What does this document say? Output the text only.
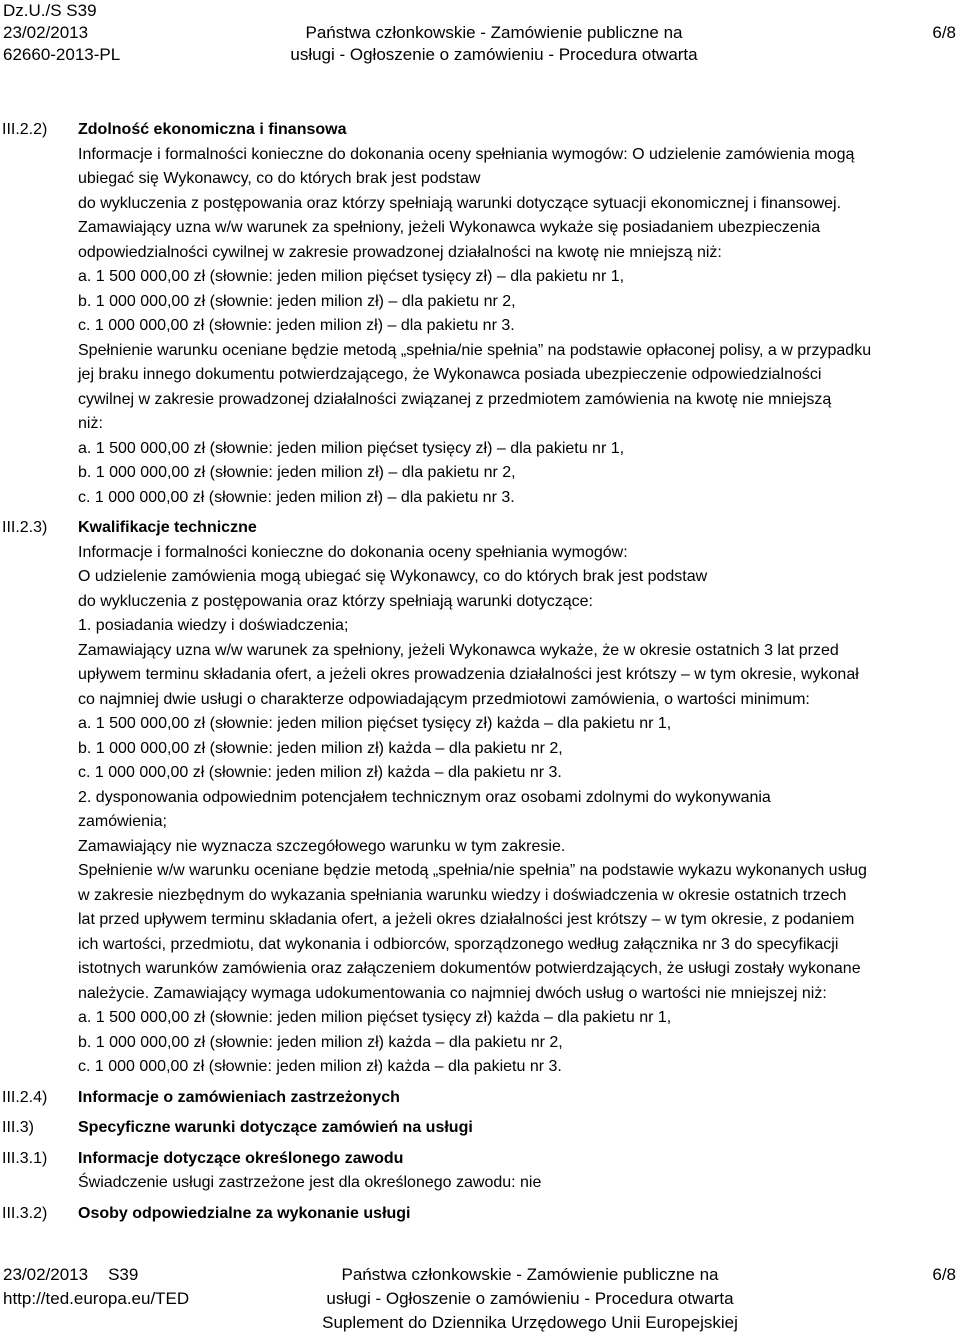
Dz.U./S S39
23/02/2013
62660-2013-PL
Państwa członkowskie - Zamówienie publiczne na
usługi - Ogłoszenie o zamówieniu - Procedura otwarta
6/8
III.2.2)	Zdolność ekonomiczna i finansowa
Informacje i formalności konieczne do dokonania oceny spełniania wymogów: O udzielenie zamówienia mogą
ubiegać się Wykonawcy, co do których brak jest podstaw
do wykluczenia z postępowania oraz którzy spełniają warunki dotyczące sytuacji ekonomicznej i finansowej.
Zamawiający uzna w/w warunek za spełniony, jeżeli Wykonawca wykaże się posiadaniem ubezpieczenia
odpowiedzialności cywilnej w zakresie prowadzonej działalności na kwotę nie mniejszą niż:
a. 1 500 000,00 zł (słownie: jeden milion pięćset tysięcy zł) – dla pakietu nr 1,
b. 1 000 000,00 zł (słownie: jeden milion zł) – dla pakietu nr 2,
c. 1 000 000,00 zł (słownie: jeden milion zł) – dla pakietu nr 3.
Spełnienie warunku oceniane będzie metodą „spełnia/nie spełnia” na podstawie opłaconej polisy, a w przypadku
jej braku innego dokumentu potwierdzającego, że Wykonawca posiada ubezpieczenie odpowiedzialności
cywilnej w zakresie prowadzonej działalności związanej z przedmiotem zamówienia na kwotę nie mniejszą
niż:
a. 1 500 000,00 zł (słownie: jeden milion pięćset tysięcy zł) – dla pakietu nr 1,
b. 1 000 000,00 zł (słownie: jeden milion zł) – dla pakietu nr 2,
c. 1 000 000,00 zł (słownie: jeden milion zł) – dla pakietu nr 3.
III.2.3)	Kwalifikacje techniczne
Informacje i formalności konieczne do dokonania oceny spełniania wymogów:
O udzielenie zamówienia mogą ubiegać się Wykonawcy, co do których brak jest podstaw
do wykluczenia z postępowania oraz którzy spełniają warunki dotyczące:
1. posiadania wiedzy i doświadczenia;
Zamawiający uzna w/w warunek za spełniony, jeżeli Wykonawca wykaże, że w okresie ostatnich 3 lat przed
upływem terminu składania ofert, a jeżeli okres prowadzenia działalności jest krótszy – w tym okresie, wykonał
co najmniej dwie usługi o charakterze odpowiadającym przedmiotowi zamówienia, o wartości minimum:
a. 1 500 000,00 zł (słownie: jeden milion pięćset tysięcy zł) każda – dla pakietu nr 1,
b. 1 000 000,00 zł (słownie: jeden milion zł) każda – dla pakietu nr 2,
c. 1 000 000,00 zł (słownie: jeden milion zł) każda – dla pakietu nr 3.
2. dysponowania odpowiednim potencjałem technicznym oraz osobami zdolnymi do wykonywania
zamówienia;
Zamawiający nie wyznacza szczegółowego warunku w tym zakresie.
Spełnienie w/w warunku oceniane będzie metodą „spełnia/nie spełnia” na podstawie wykazu wykonanych usług
w zakresie niezbędnym do wykazania spełniania warunku wiedzy i doświadczenia w okresie ostatnich trzech
lat przed upływem terminu składania ofert, a jeżeli okres działalności jest krótszy – w tym okresie, z podaniem
ich wartości, przedmiotu, dat wykonania i odbiorców, sporządzonego według załącznika nr 3 do specyfikacji
istotnych warunków zamówienia oraz załączeniem dokumentów potwierdzających, że usługi zostały wykonane
należycie. Zamawiający wymaga udokumentowania co najmniej dwóch usług o wartości nie mniejszej niż:
a. 1 500 000,00 zł (słownie: jeden milion pięćset tysięcy zł) każda – dla pakietu nr 1,
b. 1 000 000,00 zł (słownie: jeden milion zł) każda – dla pakietu nr 2,
c. 1 000 000,00 zł (słownie: jeden milion zł) każda – dla pakietu nr 3.
III.2.4)	Informacje o zamówieniach zastrzeżonych
III.3)	Specyficzne warunki dotyczące zamówień na usługi
III.3.1)	Informacje dotyczące określonego zawodu
Świadczenie usługi zastrzeżone jest dla określonego zawodu: nie
III.3.2)	Osoby odpowiedzialne za wykonanie usługi
23/02/2013 S39
http://ted.europa.eu/TED
Państwa członkowskie - Zamówienie publiczne na
usługi - Ogłoszenie o zamówieniu - Procedura otwarta
Suplement do Dziennika Urzędowego Unii Europejskiej
6/8
